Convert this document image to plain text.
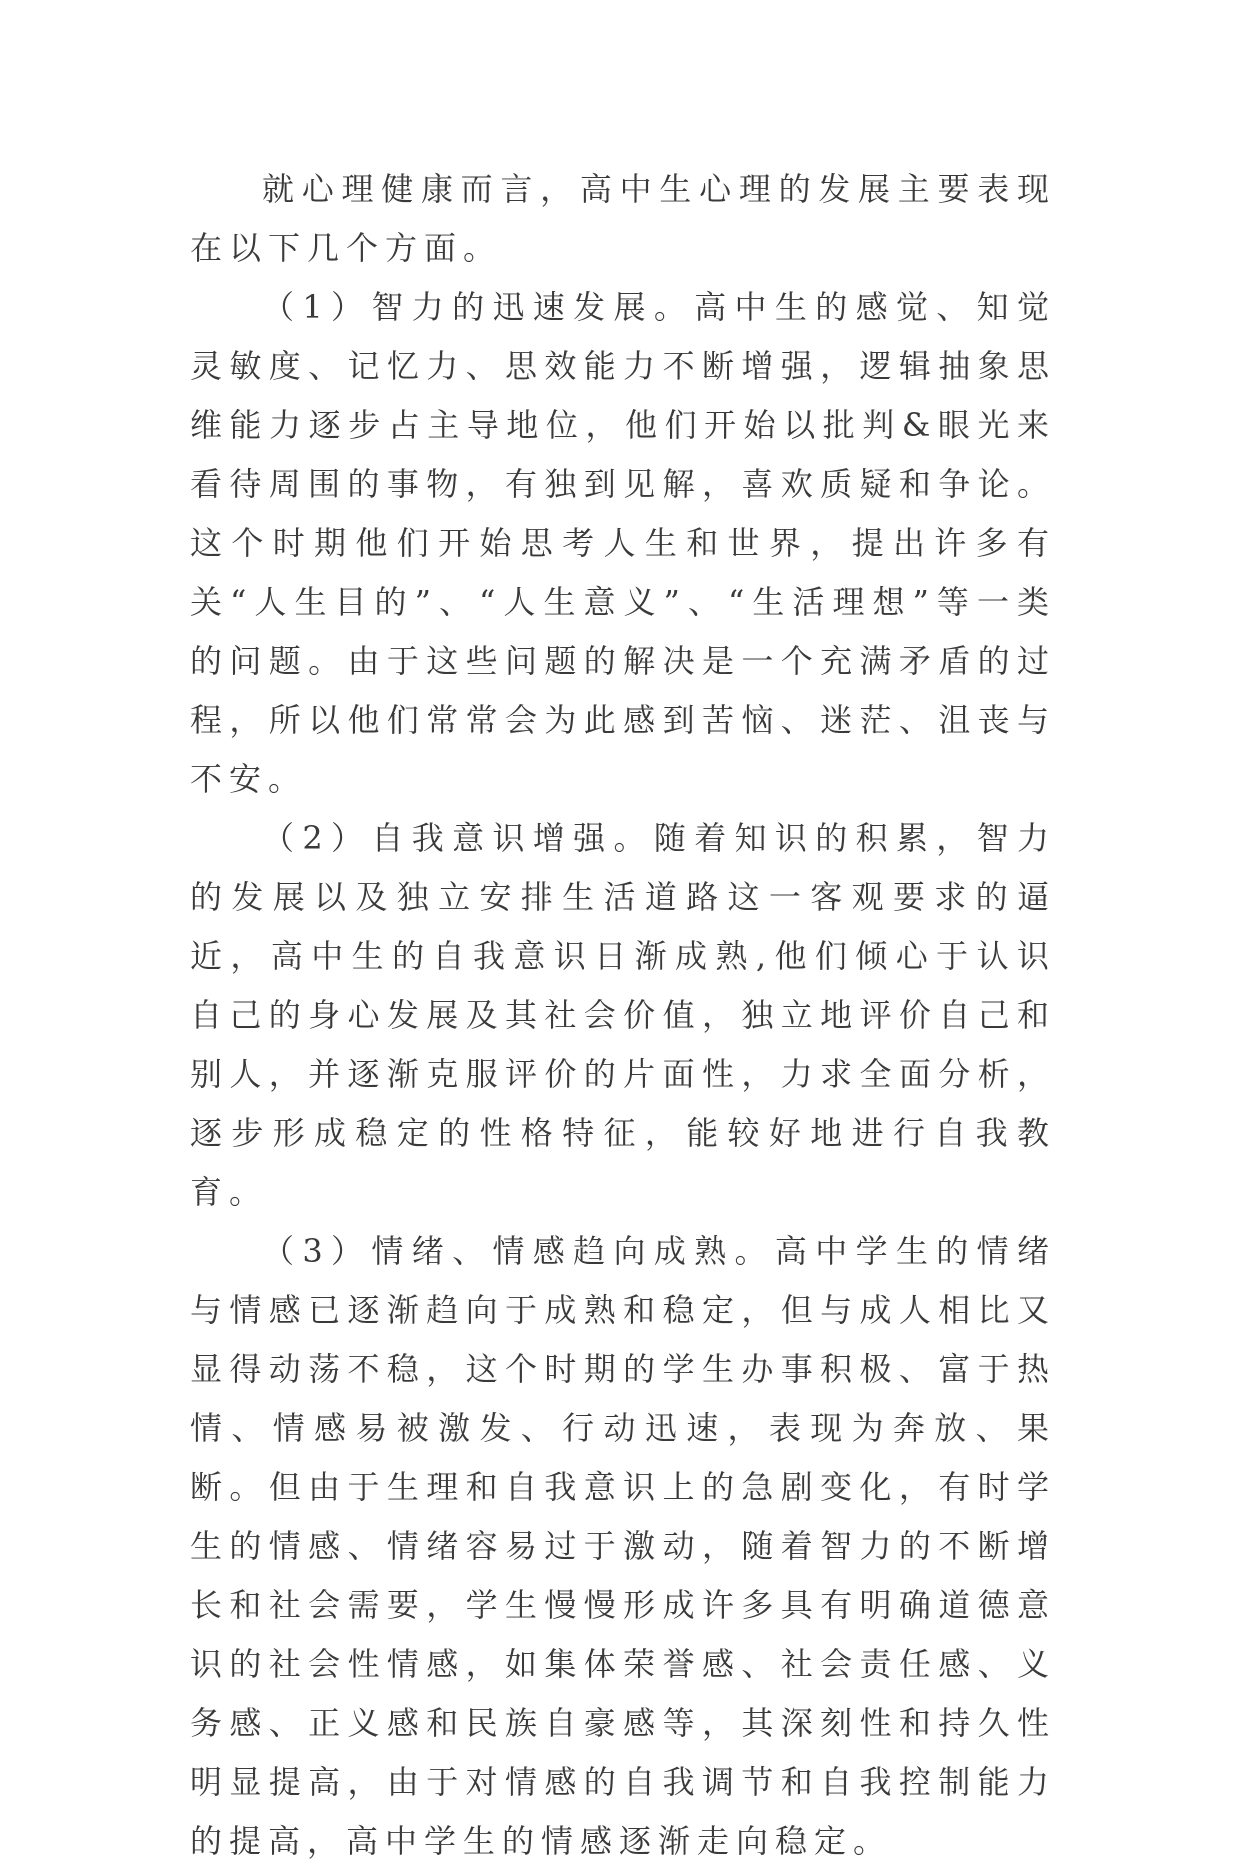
就心理健康而言，高中生心理的发展主要表现在以下几个方面。

（1）智力的迅速发展。高中生的感觉、知觉灵敏度、记忆力、思效能力不断增强，逻辑抽象思维能力逐步占主导地位，他们开始以批判&眼光来看待周围的事物，有独到见解，喜欢质疑和争论。这个时期他们开始思考人生和世界，提出许多有关“人生目的”、“人生意义”、“生活理想”等一类的问题。由于这些问题的解决是一个充满矛盾的过程，所以他们常常会为此感到苦恼、迷茫、沮丧与不安。

（2）自我意识增强。随着知识的积累，智力的发展以及独立安排生活道路这一客观要求的逼近，高中生的自我意识日渐成熟,他们倾心于认识自己的身心发展及其社会价值，独立地评价自己和别人，并逐渐克服评价的片面性，力求全面分析，逐步形成稳定的性格特征，能较好地进行自我教育。

（3）情绪、情感趋向成熟。高中学生的情绪与情感已逐渐趋向于成熟和稳定，但与成人相比又显得动荡不稳，这个时期的学生办事积极、富于热情、情感易被激发、行动迅速，表现为奔放、果断。但由于生理和自我意识上的急剧变化，有时学生的情感、情绪容易过于激动，随着智力的不断增长和社会需要，学生慢慢形成许多具有明确道德意识的社会性情感，如集体荣誉感、社会责任感、义务感、正义感和民族自豪感等，其深刻性和持久性明显提高，由于对情感的自我调节和自我控制能力的提高，高中学生的情感逐渐走向稳定。
